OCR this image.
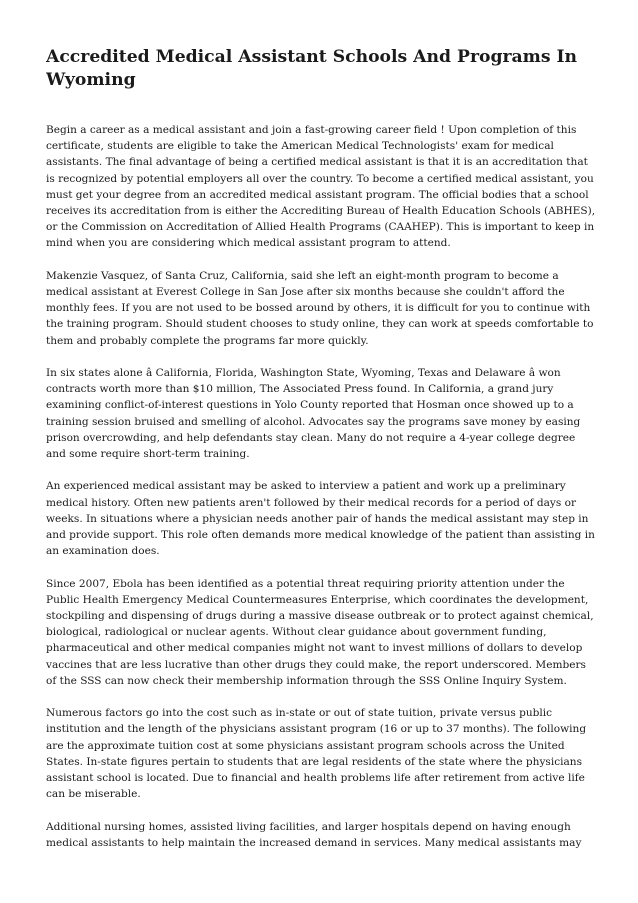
Accredited Medical Assistant Schools And Programs In Wyoming

Begin a career as a medical assistant and join a fast-growing career field ! Upon completion of this certificate, students are eligible to take the American Medical Technologists' exam for medical assistants. The final advantage of being a certified medical assistant is that it is an accreditation that is recognized by potential employers all over the country. To become a certified medical assistant, you must get your degree from an accredited medical assistant program. The official bodies that a school receives its accreditation from is either the Accrediting Bureau of Health Education Schools (ABHES), or the Commission on Accreditation of Allied Health Programs (CAAHEP). This is important to keep in mind when you are considering which medical assistant program to attend.

Makenzie Vasquez, of Santa Cruz, California, said she left an eight-month program to become a medical assistant at Everest College in San Jose after six months because she couldn't afford the monthly fees. If you are not used to be bossed around by others, it is difficult for you to continue with the training program. Should student chooses to study online, they can work at speeds comfortable to them and probably complete the programs far more quickly.

In six states alone â California, Florida, Washington State, Wyoming, Texas and Delaware â won contracts worth more than $10 million, The Associated Press found. In California, a grand jury examining conflict-of-interest questions in Yolo County reported that Hosman once showed up to a training session bruised and smelling of alcohol. Advocates say the programs save money by easing prison overcrowding, and help defendants stay clean. Many do not require a 4-year college degree and some require short-term training.

An experienced medical assistant may be asked to interview a patient and work up a preliminary medical history. Often new patients aren't followed by their medical records for a period of days or weeks. In situations where a physician needs another pair of hands the medical assistant may step in and provide support. This role often demands more medical knowledge of the patient than assisting in an examination does.

Since 2007, Ebola has been identified as a potential threat requiring priority attention under the Public Health Emergency Medical Countermeasures Enterprise, which coordinates the development, stockpiling and dispensing of drugs during a massive disease outbreak or to protect against chemical, biological, radiological or nuclear agents. Without clear guidance about government funding, pharmaceutical and other medical companies might not want to invest millions of dollars to develop vaccines that are less lucrative than other drugs they could make, the report underscored. Members of the SSS can now check their membership information through the SSS Online Inquiry System.

Numerous factors go into the cost such as in-state or out of state tuition, private versus public institution and the length of the physicians assistant program (16 or up to 37 months). The following are the approximate tuition cost at some physicians assistant program schools across the United States. In-state figures pertain to students that are legal residents of the state where the physicians assistant school is located. Due to financial and health problems life after retirement from active life can be miserable.

Additional nursing homes, assisted living facilities, and larger hospitals depend on having enough medical assistants to help maintain the increased demand in services. Many medical assistants may
